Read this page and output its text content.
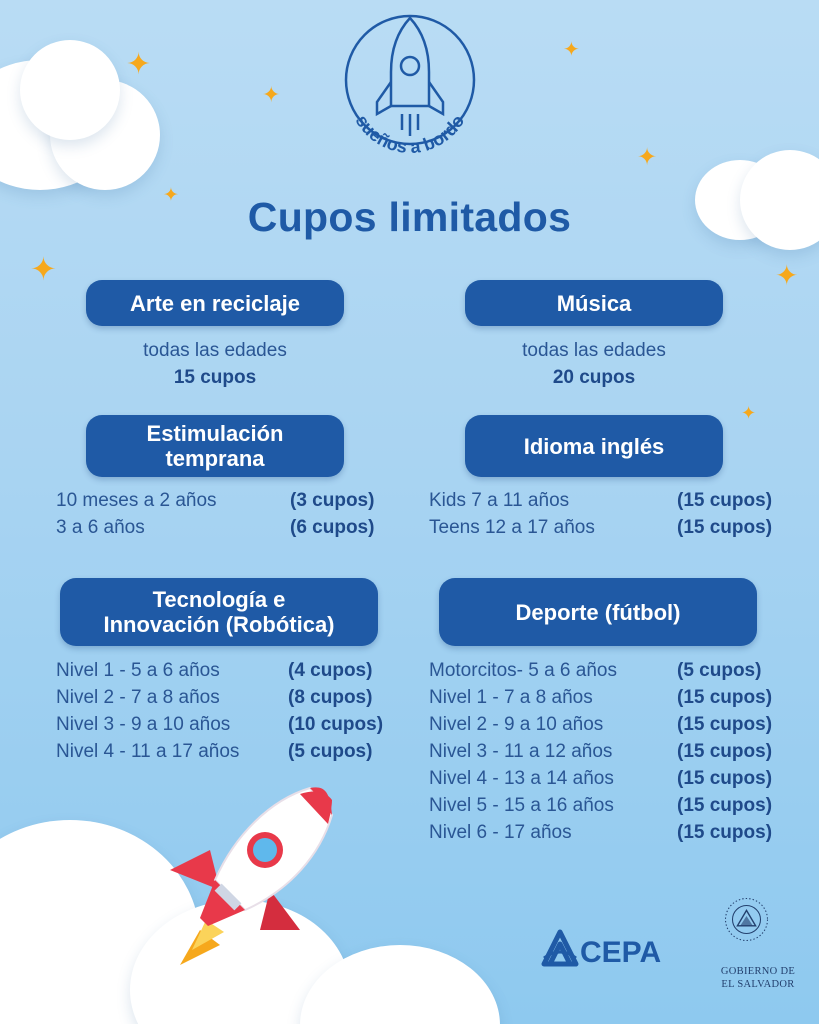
✦
✦
✦
✦
✦
✦
✦
✦
sueños a bordo
Cupos limitados
Arte en reciclaje
todas las edades
15 cupos
Música
todas las edades
20 cupos
Estimulación
temprana
10 meses a 2 años	(3 cupos)
3 a 6 años	(6 cupos)
Idioma inglés
Kids 7 a 11 años	(15 cupos)
Teens 12 a 17 años	(15 cupos)
Tecnología e
Innovación (Robótica)
Nivel 1 - 5 a 6 años	(4 cupos)
Nivel 2 - 7 a 8 años	(8 cupos)
Nivel 3 - 9 a 10 años	(10 cupos)
Nivel 4 - 11 a 17 años	(5 cupos)
Deporte (fútbol)
Motorcitos- 5 a 6 años	(5 cupos)
Nivel 1 - 7 a 8 años	(15 cupos)
Nivel 2 - 9 a 10 años	(15 cupos)
Nivel 3 - 11 a 12 años	(15 cupos)
Nivel 4 - 13 a 14 años	(15 cupos)
Nivel 5 - 15 a 16 años	(15 cupos)
Nivel 6 - 17 años	(15 cupos)
CEPA
GOBIERNO DE
EL SALVADOR
